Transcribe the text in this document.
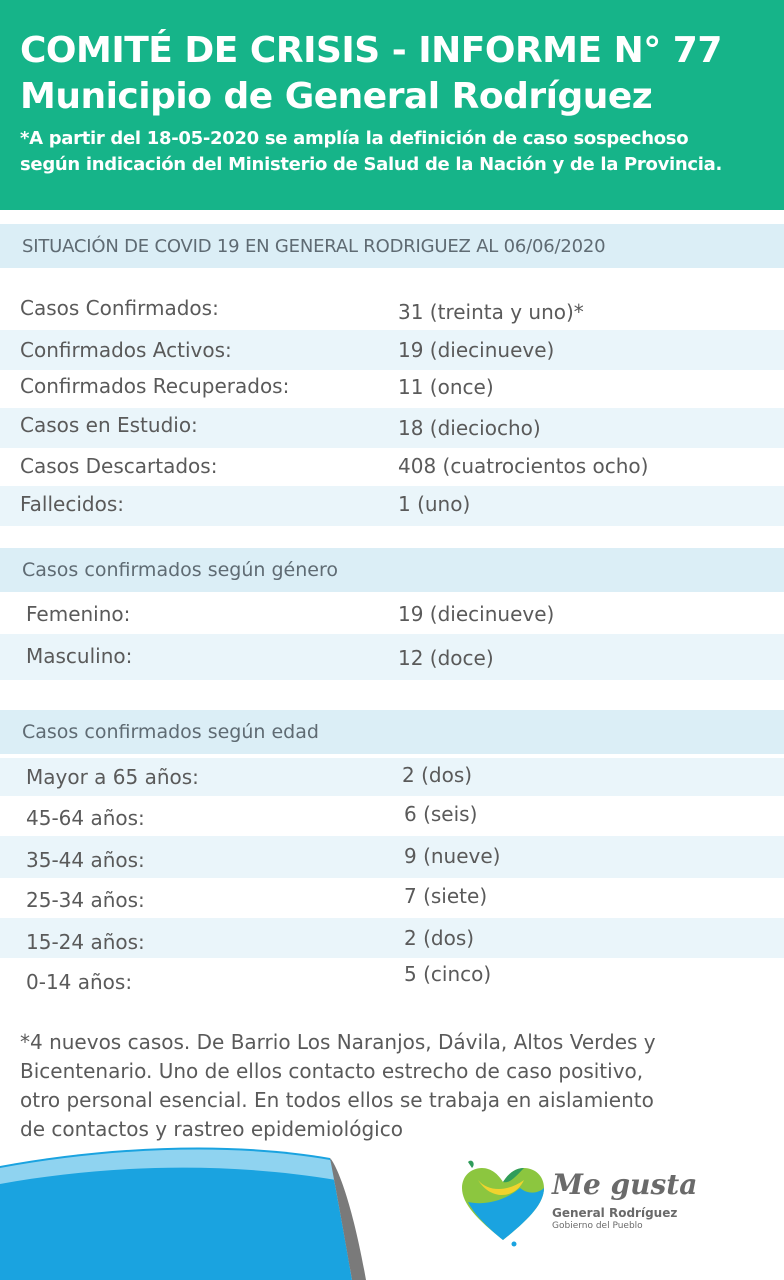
COMITÉ DE CRISIS - INFORME N° 77
Municipio de General Rodríguez
*A partir del 18-05-2020 se amplía la definición de caso sospechoso
según indicación del Ministerio de Salud de la Nación y de la Provincia.
SITUACIÓN DE COVID 19 EN GENERAL RODRIGUEZ AL 06/06/2020
Casos Confirmados:	31 (treinta y uno)*
Confirmados Activos:	19 (diecinueve)
Confirmados Recuperados:	11 (once)
Casos en Estudio:	18 (dieciocho)
Casos Descartados:	408 (cuatrocientos ocho)
Fallecidos:	1 (uno)
Casos confirmados según género
Femenino:	19 (diecinueve)
Masculino:	12 (doce)
Casos confirmados según edad
Mayor a 65 años:	2 (dos)
45-64 años:	6 (seis)
35-44 años:	9 (nueve)
25-34 años:	7 (siete)
15-24 años:	2 (dos)
0-14 años:	5 (cinco)
*4 nuevos casos. De Barrio Los Naranjos, Dávila, Altos Verdes y
Bicentenario. Uno de ellos contacto estrecho de caso positivo,
otro personal esencial. En todos ellos se trabaja en aislamiento
de contactos y rastreo epidemiológico
Me gusta
General Rodríguez
Gobierno del Pueblo
